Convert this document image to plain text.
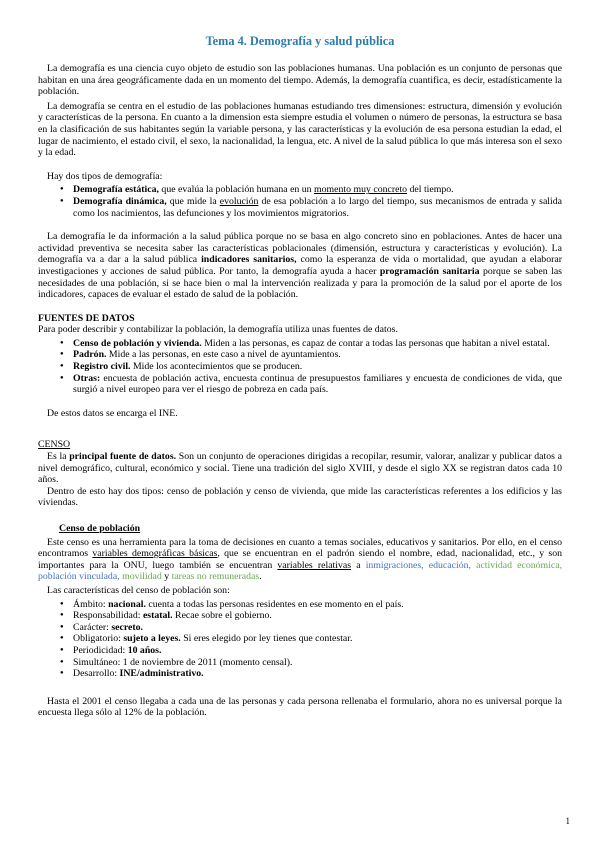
Tema 4. Demografía y salud pública
La demografía es una ciencia cuyo objeto de estudio son las poblaciones humanas. Una población es un conjunto de personas que habitan en una área geográficamente dada en un momento del tiempo. Además, la demografía cuantifica, es decir, estadísticamente la población.
La demografía se centra en el estudio de las poblaciones humanas estudiando tres dimensiones: estructura, dimensión y evolución y características de la persona. En cuanto a la dimension esta siempre estudia el volumen o número de personas, la estructura se basa en la clasificación de sus habitantes según la variable persona, y las características y la evolución de esa persona estudian la edad, el lugar de nacimiento, el estado civil, el sexo, la nacionalidad, la lengua, etc. A nivel de la salud pública lo que más interesa son el sexo y la edad.
Hay dos tipos de demografía:
● Demografía estática, que evalúa la población humana en un momento muy concreto del tiempo.
● Demografía dinámica, que mide la evolución de esa población a lo largo del tiempo, sus mecanismos de entrada y salida como los nacimientos, las defunciones y los movimientos migratorios.
La demografía le da información a la salud pública porque no se basa en algo concreto sino en poblaciones. Antes de hacer una actividad preventiva se necesita saber las características poblacionales (dimensión, estructura y características y evolución). La demografía va a dar a la salud pública indicadores sanitarios, como la esperanza de vida o mortalidad, que ayudan a elaborar investigaciones y acciones de salud pública. Por tanto, la demografía ayuda a hacer programación sanitaria porque se saben las necesidades de una población, si se hace bien o mal la intervención realizada y para la promoción de la salud por el aporte de los indicadores, capaces de evaluar el estado de salud de la población.
FUENTES DE DATOS
Para poder describir y contabilizar la población, la demografía utiliza unas fuentes de datos.
● Censo de población y vivienda. Miden a las personas, es capaz de contar a todas las personas que habitan a nivel estatal.
● Padrón. Mide a las personas, en este caso a nivel de ayuntamientos.
● Registro civil. Mide los acontecimientos que se producen.
● Otras: encuesta de población activa, encuesta continua de presupuestos familiares y encuesta de condiciones de vida, que surgió a nivel europeo para ver el riesgo de pobreza en cada país.
De estos datos se encarga el INE.
CENSO
Es la principal fuente de datos. Son un conjunto de operaciones dirigidas a recopilar, resumir, valorar, analizar y publicar datos a nivel demográfico, cultural, económico y social. Tiene una tradición del siglo XVIII, y desde el siglo XX se registran datos cada 10 años.
Dentro de esto hay dos tipos: censo de población y censo de vivienda, que mide las características referentes a los edificios y las viviendas.
Censo de población
Este censo es una herramienta para la toma de decisiones en cuanto a temas sociales, educativos y sanitarios. Por ello, en el censo encontramos variables demográficas básicas, que se encuentran en el padrón siendo el nombre, edad, nacionalidad, etc., y son importantes para la ONU, luego también se encuentran variables relativas a inmigraciones, educación, actividad económica, población vinculada, movilidad y tareas no remuneradas.
Las características del censo de población son:
● Ámbito: nacional. cuenta a todas las personas residentes en ese momento en el país.
● Responsabilidad: estatal. Recae sobre el gobierno.
● Carácter: secreto.
● Obligatorio: sujeto a leyes. Si eres elegido por ley tienes que contestar.
● Periodicidad: 10 años.
● Simultáneo: 1 de noviembre de 2011 (momento censal).
● Desarrollo: INE/administrativo.
Hasta el 2001 el censo llegaba a cada una de las personas y cada persona rellenaba el formulario, ahora no es universal porque la encuesta llega sólo al 12% de la población.
1
